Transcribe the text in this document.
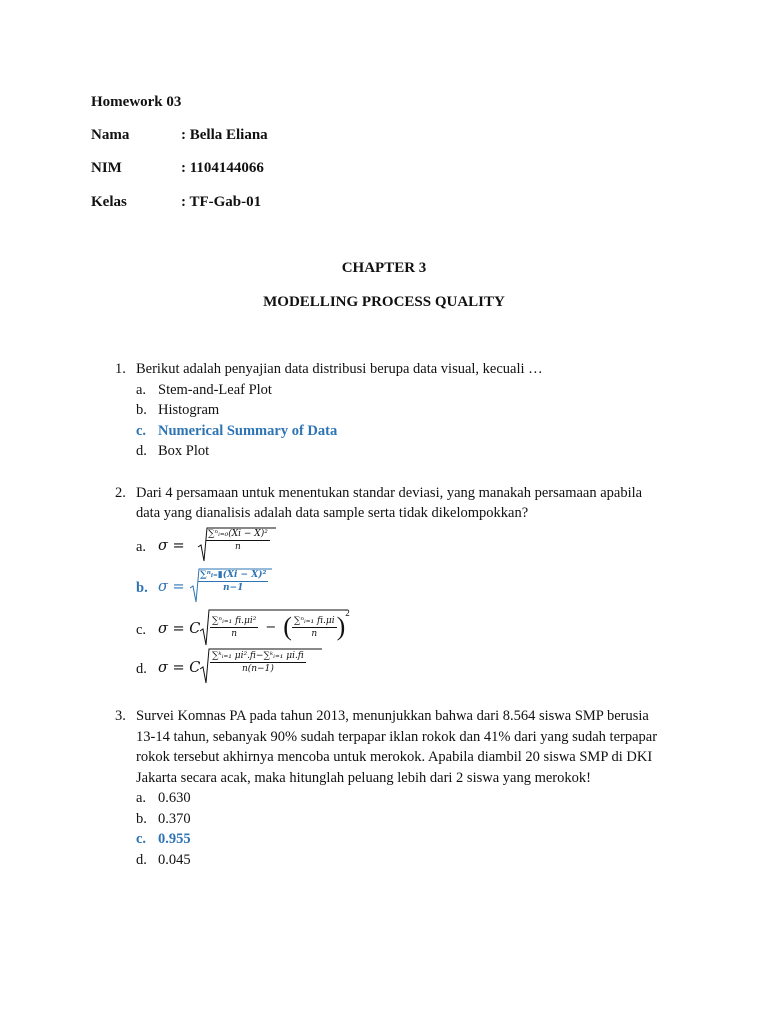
Homework 03
Nama	: Bella Eliana
NIM	: 1104144066
Kelas	: TF-Gab-01
CHAPTER 3
MODELLING PROCESS QUALITY
1. Berikut adalah penyajian data distribusi berupa data visual, kecuali …
a. Stem-and-Leaf Plot
b. Histogram
c. Numerical Summary of Data
d. Box Plot
2. Dari 4 persamaan untuk menentukan standar deviasi, yang manakah persamaan apabila
data yang dianalisis adalah data sample serta tidak dikelompokkan?
a. $\sigma = \frac{\text{∑ⁿᵢ₌₀(Xi − X̄)²}}{n}$
b. $\sigma = \frac{\text{∑ⁿᵢ₌▮(Xi − X̄)²}}{n-1}$
c. σ = C $\frac{\text{∑ⁿᵢ₌₁ fi.μi²}}{n}$ − ( $\frac{\text{∑ⁿᵢ₌₁ fi.μi}}{n} )^2$
d. σ = C $\frac{\text{∑ᵏᵢ₌₁ μi².fi−∑ᵏᵢ₌₁ μi.fi}}{n(n-1)}$
3. Survei Komnas PA pada tahun 2013, menunjukkan bahwa dari 8.564 siswa SMP berusia
13-14 tahun, sebanyak 90% sudah terpapar iklan rokok dan 41% dari yang sudah terpapar
rokok tersebut akhirnya mencoba untuk merokok. Apabila diambil 20 siswa SMP di DKI
Jakarta secara acak, maka hitunglah peluang lebih dari 2 siswa yang merokok!
a. 0.630
b. 0.370
c. 0.955
d. 0.045
